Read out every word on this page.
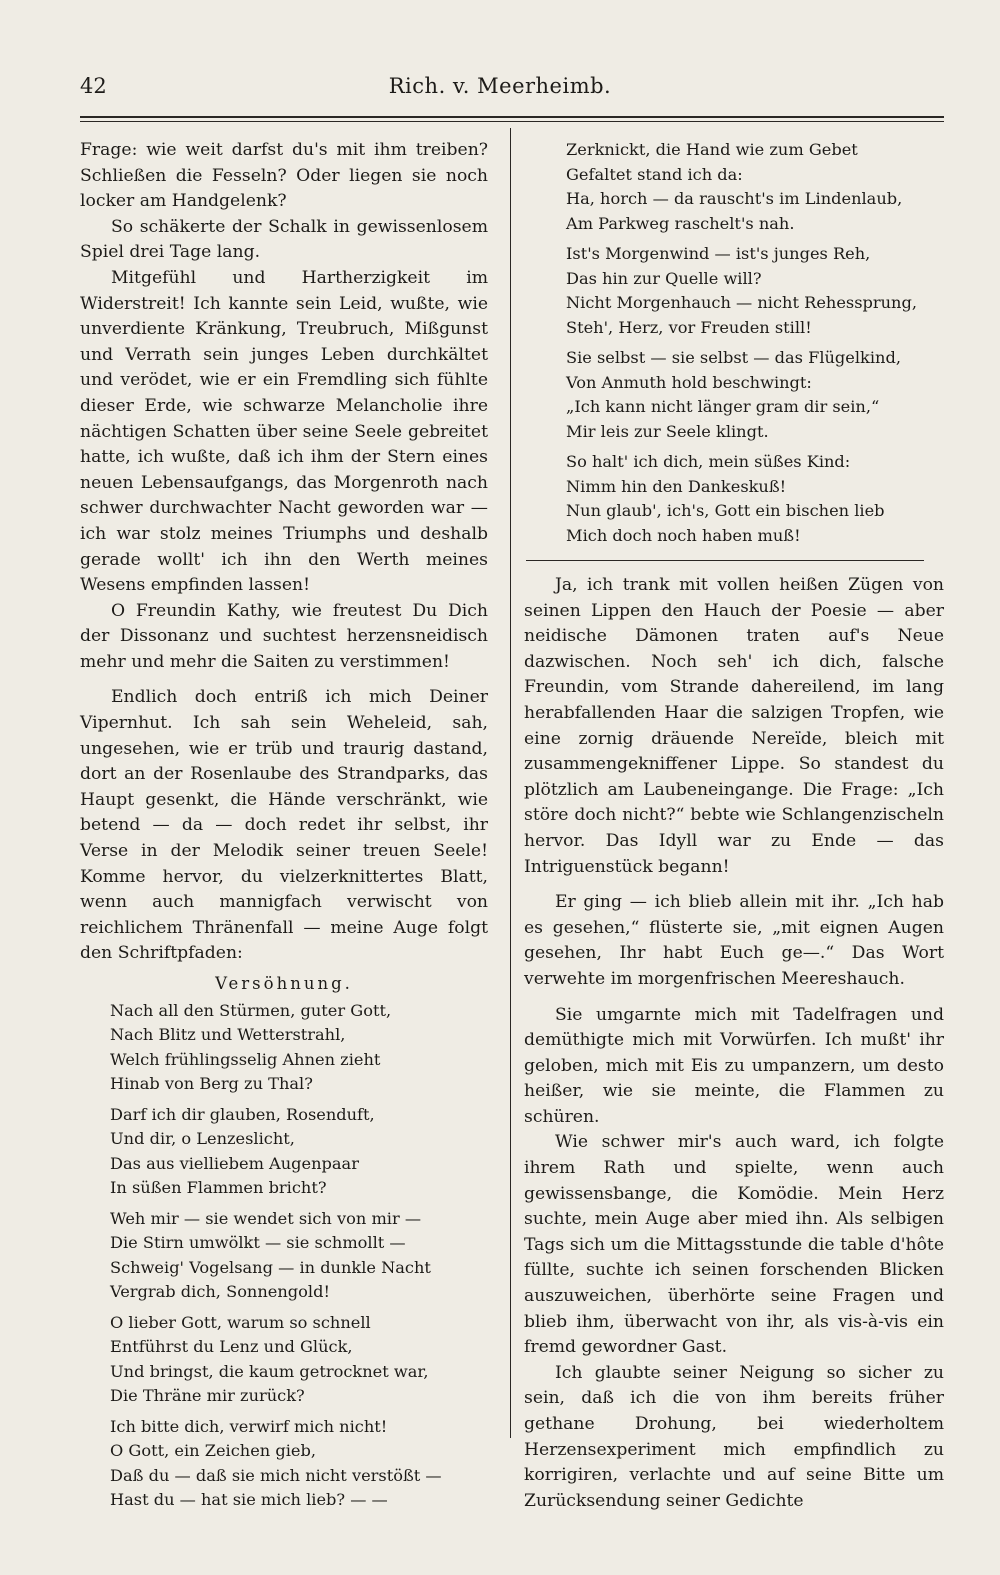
42	Rich. v. Meerheimb.

Frage: wie weit darfst du's mit ihm treiben? Schließen die Fesseln? Oder liegen sie noch locker am Handgelenk?

So schäkerte der Schalk in gewissenlosem Spiel drei Tage lang.

Mitgefühl und Hartherzigkeit im Widerstreit! Ich kannte sein Leid, wußte, wie unverdiente Kränkung, Treubruch, Mißgunst und Verrath sein junges Leben durchkältet und verödet, wie er ein Fremdling sich fühlte dieser Erde, wie schwarze Melancholie ihre nächtigen Schatten über seine Seele gebreitet hatte, ich wußte, daß ich ihm der Stern eines neuen Lebensaufgangs, das Morgenroth nach schwer durchwachter Nacht geworden war — ich war stolz meines Triumphs und deshalb gerade wollt' ich ihn den Werth meines Wesens empfinden lassen!

O Freundin Kathy, wie freutest Du Dich der Dissonanz und suchtest herzensneidisch mehr und mehr die Saiten zu verstimmen!

Endlich doch entriß ich mich Deiner Vipernhut. Ich sah sein Weheleid, sah, ungesehen, wie er trüb und traurig dastand, dort an der Rosenlaube des Strandparks, das Haupt gesenkt, die Hände verschränkt, wie betend — da — doch redet ihr selbst, ihr Verse in der Melodik seiner treuen Seele! Komme hervor, du vielzerknittertes Blatt, wenn auch mannigfach verwischt von reichlichem Thränenfall — meine Auge folgt den Schriftpfaden:

Versöhnung.
Nach all den Stürmen, guter Gott,
Nach Blitz und Wetterstrahl,
Welch frühlingsselig Ahnen zieht
Hinab von Berg zu Thal?
Darf ich dir glauben, Rosenduft,
Und dir, o Lenzeslicht,
Das aus vielliebem Augenpaar
In süßen Flammen bricht?
Weh mir — sie wendet sich von mir —
Die Stirn umwölkt — sie schmollt —
Schweig' Vogelsang — in dunkle Nacht
Vergrab dich, Sonnengold!
O lieber Gott, warum so schnell
Entführst du Lenz und Glück,
Und bringst, die kaum getrocknet war,
Die Thräne mir zurück?
Ich bitte dich, verwirf mich nicht!
O Gott, ein Zeichen gieb,
Daß du — daß sie mich nicht verstößt —
Hast du — hat sie mich lieb? — —
Zerknickt, die Hand wie zum Gebet
Gefaltet stand ich da:
Ha, horch — da rauscht's im Lindenlaub,
Am Parkweg raschelt's nah.
Ist's Morgenwind — ist's junges Reh,
Das hin zur Quelle will?
Nicht Morgenhauch — nicht Rehessprung,
Steh', Herz, vor Freuden still!
Sie selbst — sie selbst — das Flügelkind,
Von Anmuth hold beschwingt:
„Ich kann nicht länger gram dir sein,“
Mir leis zur Seele klingt.
So halt' ich dich, mein süßes Kind:
Nimm hin den Dankeskuß!
Nun glaub', ich's, Gott ein bischen lieb
Mich doch noch haben muß!

Ja, ich trank mit vollen heißen Zügen von seinen Lippen den Hauch der Poesie — aber neidische Dämonen traten auf's Neue dazwischen. Noch seh' ich dich, falsche Freundin, vom Strande dahereilend, im lang herabfallenden Haar die salzigen Tropfen, wie eine zornig dräuende Nereïde, bleich mit zusammengekniffener Lippe. So standest du plötzlich am Laubeneingange. Die Frage: „Ich störe doch nicht?“ bebte wie Schlangenzischeln hervor. Das Idyll war zu Ende — das Intriguenstück begann!

Er ging — ich blieb allein mit ihr. „Ich hab es gesehen,“ flüsterte sie, „mit eignen Augen gesehen, Ihr habt Euch ge—.“ Das Wort verwehte im morgenfrischen Meereshauch.

Sie umgarnte mich mit Tadelfragen und demüthigte mich mit Vorwürfen. Ich mußt' ihr geloben, mich mit Eis zu umpanzern, um desto heißer, wie sie meinte, die Flammen zu schüren.

Wie schwer mir's auch ward, ich folgte ihrem Rath und spielte, wenn auch gewissensbange, die Komödie. Mein Herz suchte, mein Auge aber mied ihn. Als selbigen Tags sich um die Mittagsstunde die table d'hôte füllte, suchte ich seinen forschenden Blicken auszuweichen, überhörte seine Fragen und blieb ihm, überwacht von ihr, als vis-à-vis ein fremd gewordner Gast.

Ich glaubte seiner Neigung so sicher zu sein, daß ich die von ihm bereits früher gethane Drohung, bei wiederholtem Herzensexperiment mich empfindlich zu korrigiren, verlachte und auf seine Bitte um Zurücksendung seiner Gedichte
